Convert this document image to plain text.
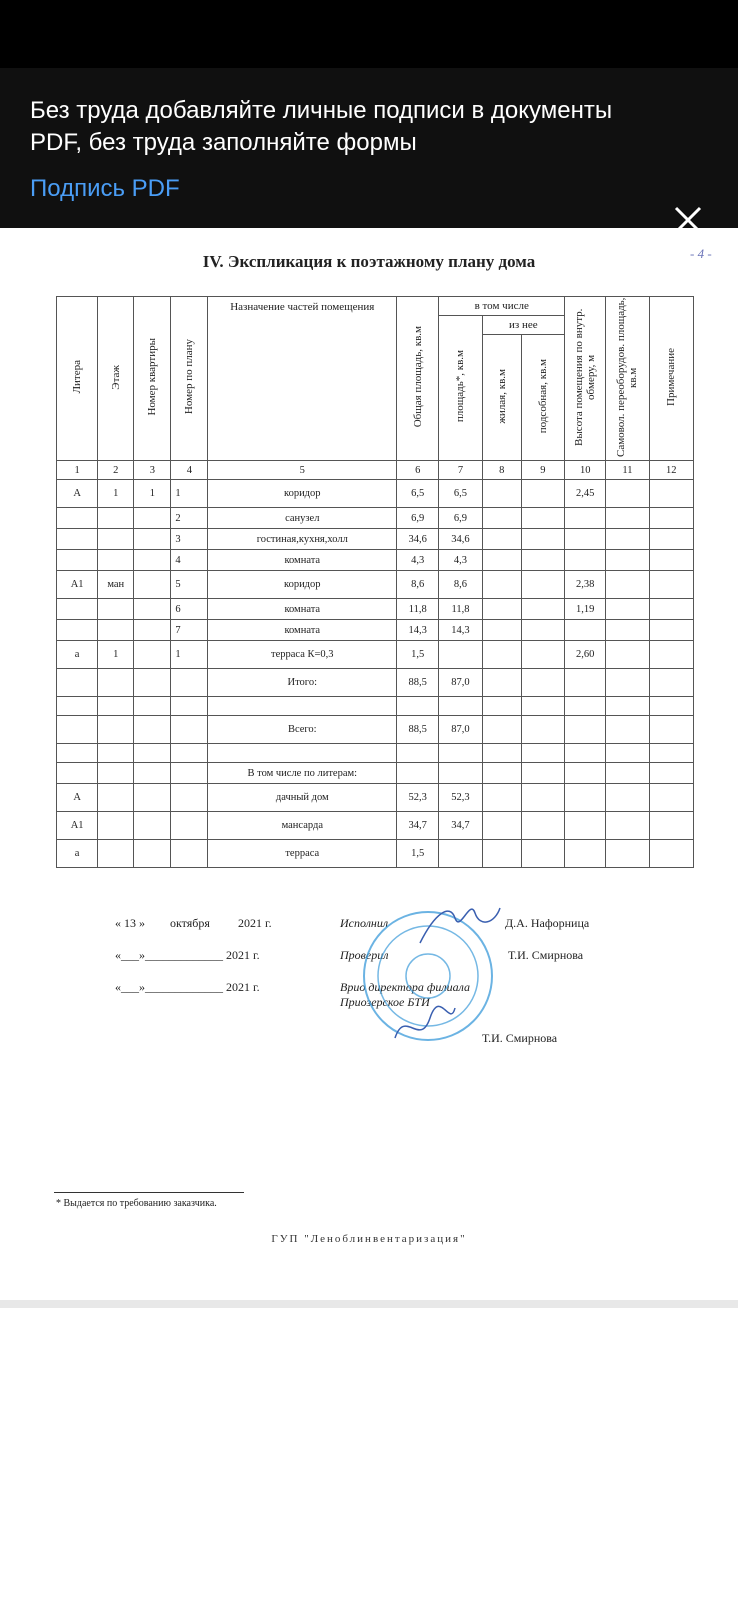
Без труда добавляйте личные подписи в документы PDF, без труда заполняйте формы
Подпись PDF
- 4 -
IV. Экспликация к поэтажному плану дома
Литера	Этаж	Номер квартиры	Номер по плану	Назначение частей помещения	Общая площадь, кв.м	в том числе			Высота помещения по внутр. обмеру, м	Самовол. переоборудов. площадь, кв.м	Примечание
						площадь*, кв.м	из нее				
							жилая, кв.м	подсобная, кв.м			
1	2	3	4	5	6	7	8	9	10	11	12
А	1	1	1	коридор	6,5	6,5			2,45		
			2	санузел	6,9	6,9					
			3	гостиная,кухня,холл	34,6	34,6					
			4	комната	4,3	4,3					
А1	ман		5	коридор	8,6	8,6			2,38		
			6	комната	11,8	11,8			1,19		
			7	комната	14,3	14,3					
а	1		1	терраса К=0,3	1,5				2,60		
				Итого:	88,5	87,0					

				Всего:	88,5	87,0					

				В том числе по литерам:							
А				дачный дом	52,3	52,3					
А1				мансарда	34,7	34,7					
а				терраса	1,5						
« 13 » октября 2021 г.
«___»_____________ 2021 г.
«___»_____________ 2021 г.
Исполнил	Д.А. Нафорница
Проверил	Т.И. Смирнова
Врио директора филиала
Приозерское БТИ
Т.И. Смирнова
* Выдается по требованию заказчика.
ГУП "Леноблинвентаризация"
